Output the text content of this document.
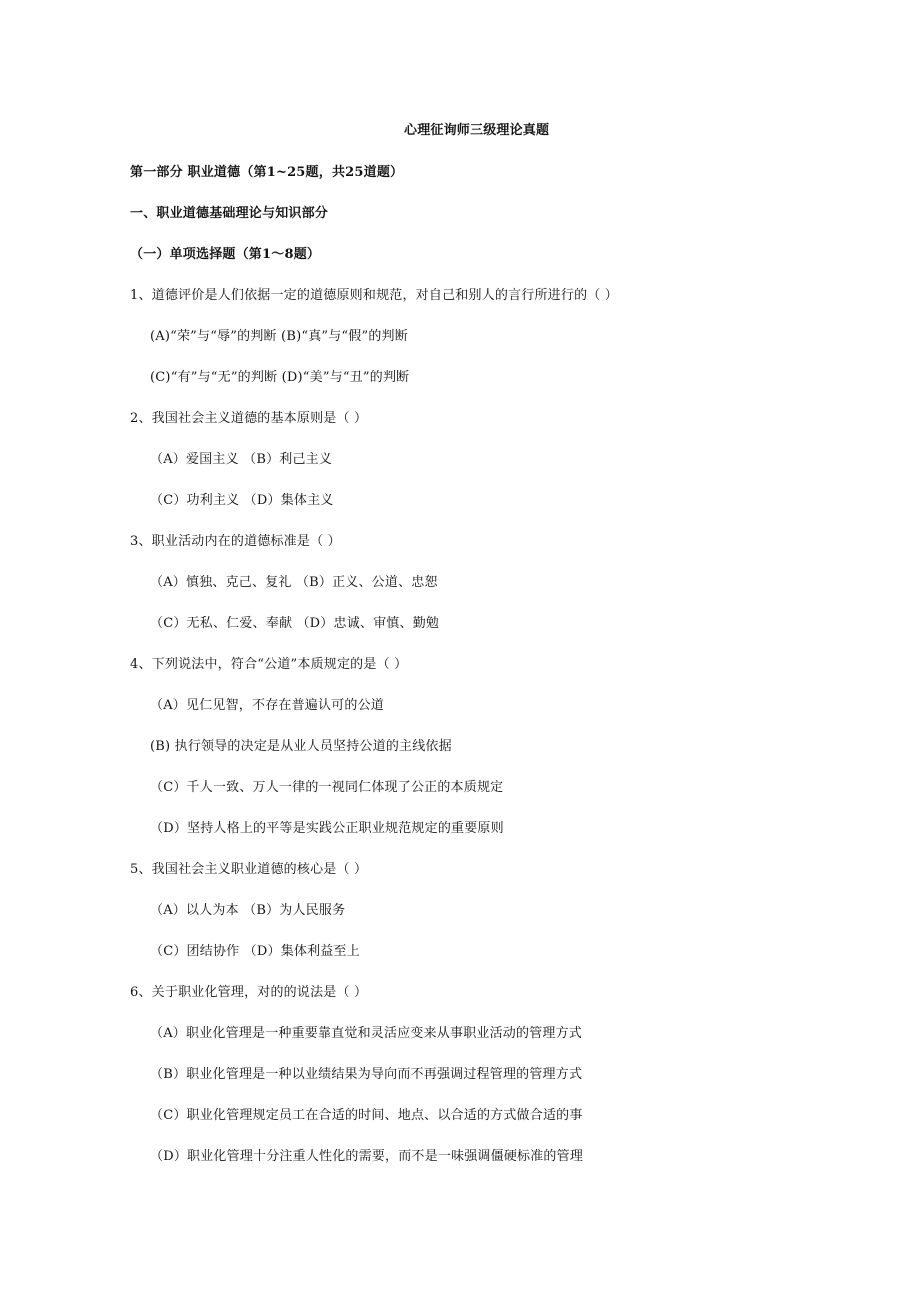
心理征询师三级理论真题
第一部分 职业道德（第1~25题，共25道题）
一、职业道德基础理论与知识部分
（一）单项选择题（第1～8题）
1、道德评价是人们依据一定的道德原则和规范，对自己和别人的言行所进行的（ ）
(A)“荣”与“辱”的判断 (B)“真”与“假”的判断
(C)“有”与“无”的判断 (D)“美”与“丑”的判断
2、我国社会主义道德的基本原则是（ ）
（A）爱国主义 （B）利己主义
（C）功利主义 （D）集体主义
3、职业活动内在的道德标准是（ ）
（A）慎独、克己、复礼 （B）正义、公道、忠恕
（C）无私、仁爱、奉献 （D）忠诚、审慎、勤勉
4、下列说法中，符合“公道”本质规定的是（ ）
（A）见仁见智，不存在普遍认可的公道
(B) 执行领导的决定是从业人员坚持公道的主线依据
（C）千人一致、万人一律的一视同仁体现了公正的本质规定
（D）坚持人格上的平等是实践公正职业规范规定的重要原则
5、我国社会主义职业道德的核心是（ ）
（A）以人为本 （B）为人民服务
（C）团结协作 （D）集体利益至上
6、关于职业化管理，对的的说法是（ ）
（A）职业化管理是一种重要靠直觉和灵活应变来从事职业活动的管理方式
（B）职业化管理是一种以业绩结果为导向而不再强调过程管理的管理方式
（C）职业化管理规定员工在合适的时间、地点、以合适的方式做合适的事
（D）职业化管理十分注重人性化的需要，而不是一味强调僵硬标准的管理
